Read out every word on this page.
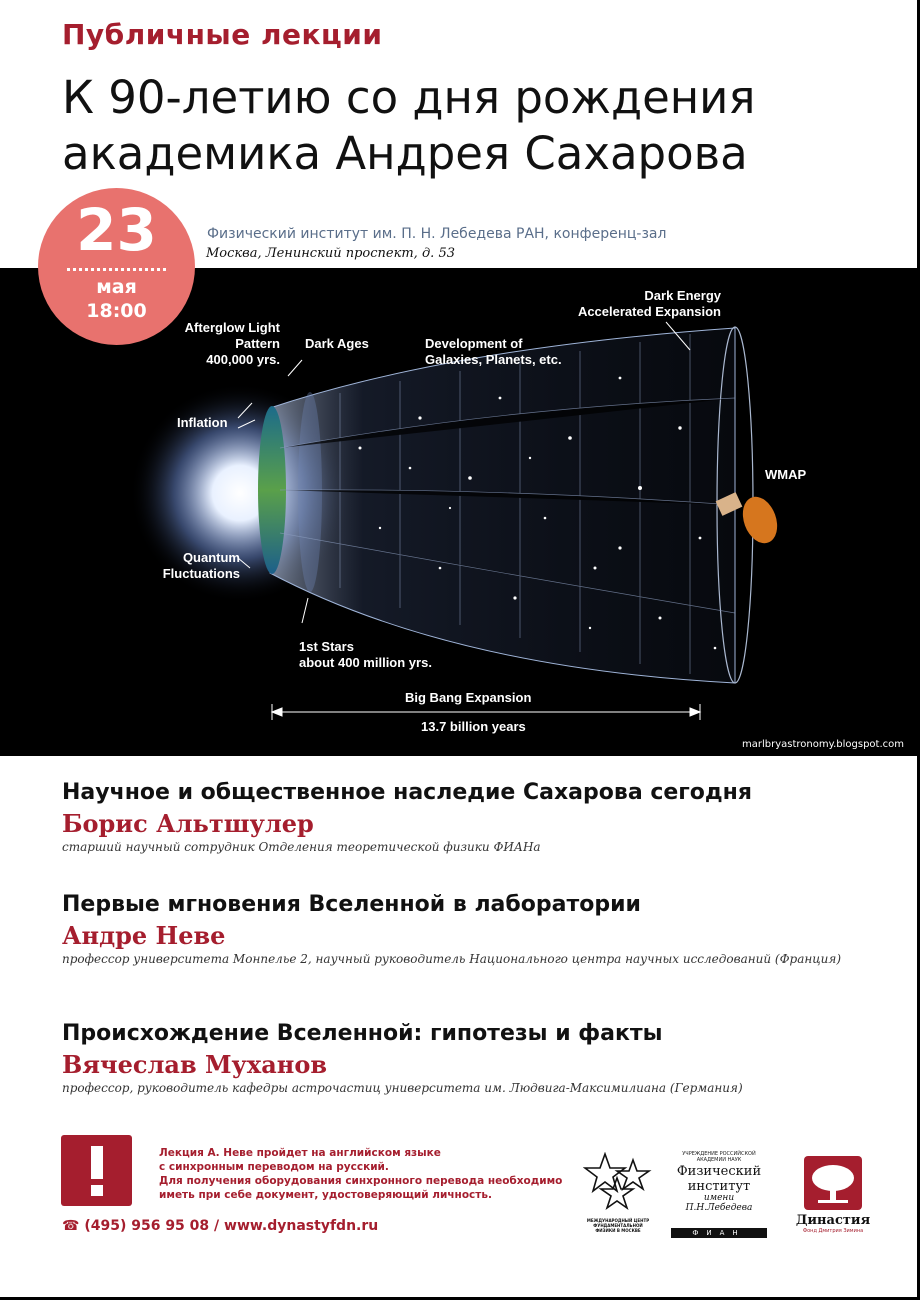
Публичные лекции
К 90-летию со дня рождения
академика Андрея Сахарова
23
мая
18:00
Физический институт им. П. Н. Лебедева РАН, конференц-зал
Москва, Ленинский проспект, д. 53
Afterglow Light
Pattern
400,000 yrs.
Dark Ages	Development of
Galaxies, Planets, etc.
Dark Energy
Accelerated Expansion
Inflation
WMAP
Quantum
Fluctuations
1st Stars
about 400 million yrs.
Big Bang Expansion
13.7 billion years
marlbryastronomy.blogspot.com
Научное и общественное наследие Сахарова сегодня
Борис Альтшулер
старший научный сотрудник Отделения теоретической физики ФИАНа
Первые мгновения Вселенной в лаборатории
Андре Неве
профессор университета Монпелье 2, научный руководитель Национального центра научных исследований (Франция)
Происхождение Вселенной: гипотезы и факты
Вячеслав Муханов
профессор, руководитель кафедры астрочастиц университета им. Людвига-Максимилиана (Германия)
Лекция А. Неве пройдет на английском языке
с синхронным переводом на русский.
Для получения оборудования синхронного перевода необходимо
иметь при себе документ, удостоверяющий личность.
☎ (495) 956 95 08 / www.dynastyfdn.ru	МЕЖДУНАРОДНЫЙ ЦЕНТР ФУНДАМЕНТАЛЬНОЙ ФИЗИКИ В МОСКВЕ
УЧРЕЖДЕНИЕ РОССИЙСКОЙ АКАДЕМИИ НАУК
Физический
институт
имени
П.Н.Лебедева
ФИАН
Династия
Фонд Дмитрия Зимина
